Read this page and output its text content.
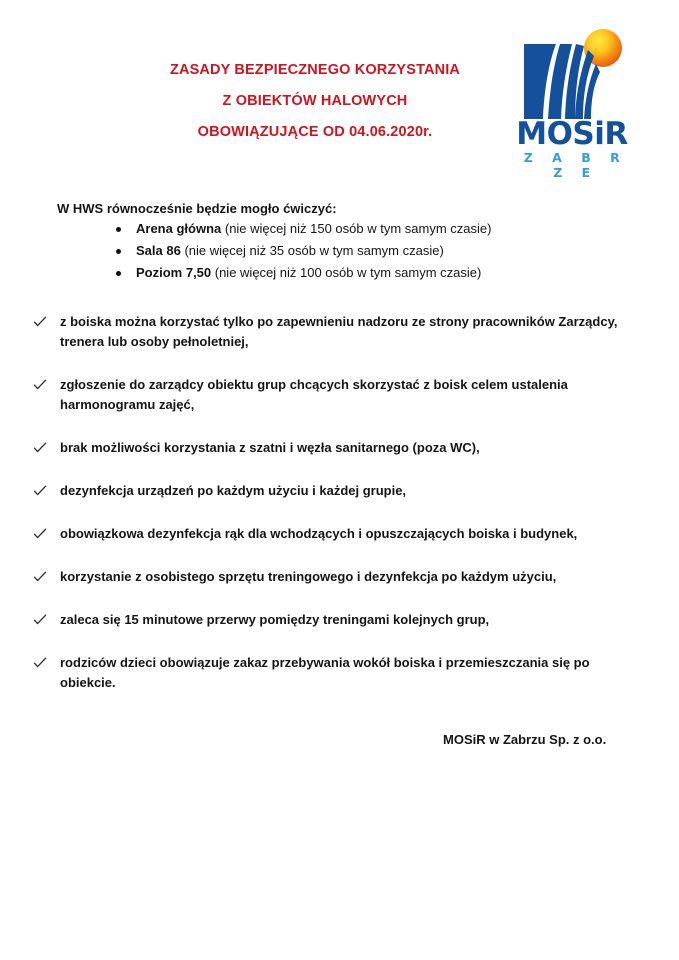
ZASADY BEZPIECZNEGO KORZYSTANIA
Z OBIEKTÓW HALOWYCH
OBOWIĄZUJĄCE OD 04.06.2020r.	MOSiR
Z A B R Z E
W HWS równocześnie będzie mogło ćwiczyć:
Arena główna (nie więcej niż 150 osób w tym samym czasie)
Sala 86 (nie więcej niż 35 osób w tym samym czasie)
Poziom 7,50 (nie więcej niż 100 osób w tym samym czasie)
z boiska można korzystać tylko po zapewnieniu nadzoru ze strony pracowników Zarządcy, trenera lub osoby pełnoletniej,
zgłoszenie do zarządcy obiektu grup chcących skorzystać z boisk celem ustalenia harmonogramu zajęć,
brak możliwości korzystania z szatni i węzła sanitarnego (poza WC),
dezynfekcja urządzeń po każdym użyciu i każdej grupie,
obowiązkowa dezynfekcja rąk dla wchodzących i opuszczających boiska i budynek,
korzystanie z osobistego sprzętu treningowego i dezynfekcja po każdym użyciu,
zaleca się 15 minutowe przerwy pomiędzy treningami kolejnych grup,
rodziców dzieci obowiązuje zakaz przebywania wokół boiska i przemieszczania się po obiekcie.
MOSiR w Zabrzu Sp. z o.o.
